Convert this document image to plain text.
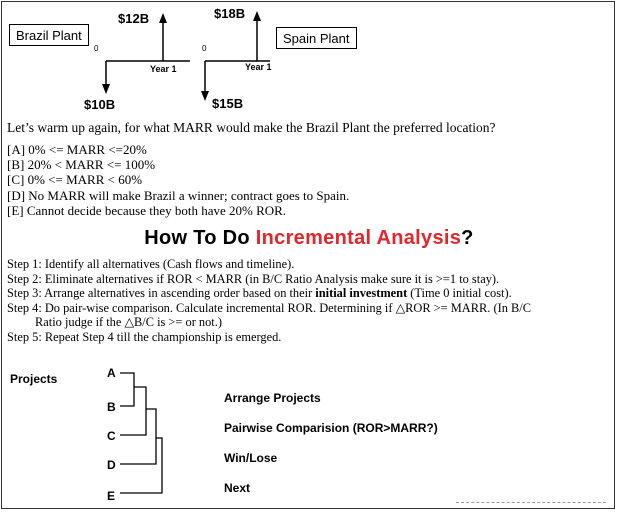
Brazil Plant	Spain Plant
$12B
$10B
0
Year 1
$18B
$15B
0
Year 1
Let’s warm up again, for what MARR would make the Brazil Plant the preferred location?
[A] 0% <= MARR <=20%
[B] 20% < MARR <= 100%
[C] 0% <= MARR < 60%
[D] No MARR will make Brazil a winner; contract goes to Spain.
[E] Cannot decide because they both have 20% ROR.
How To Do Incremental Analysis?
Step 1: Identify all alternatives (Cash flows and timeline).
Step 2: Eliminate alternatives if ROR < MARR (in B/C Ratio Analysis make sure it is >=1 to stay).
Step 3: Arrange alternatives in ascending order based on their initial investment (Time 0 initial cost).
Step 4: Do pair-wise comparison. Calculate incremental ROR. Determining if △ROR >= MARR. (In B/C
Ratio judge if the △B/C is >= or not.)
Step 5: Repeat Step 4 till the championship is emerged.
Projects	A
B
C
D
E
Arrange Projects
Pairwise Comparision (ROR>MARR?)
Win/Lose
Next
